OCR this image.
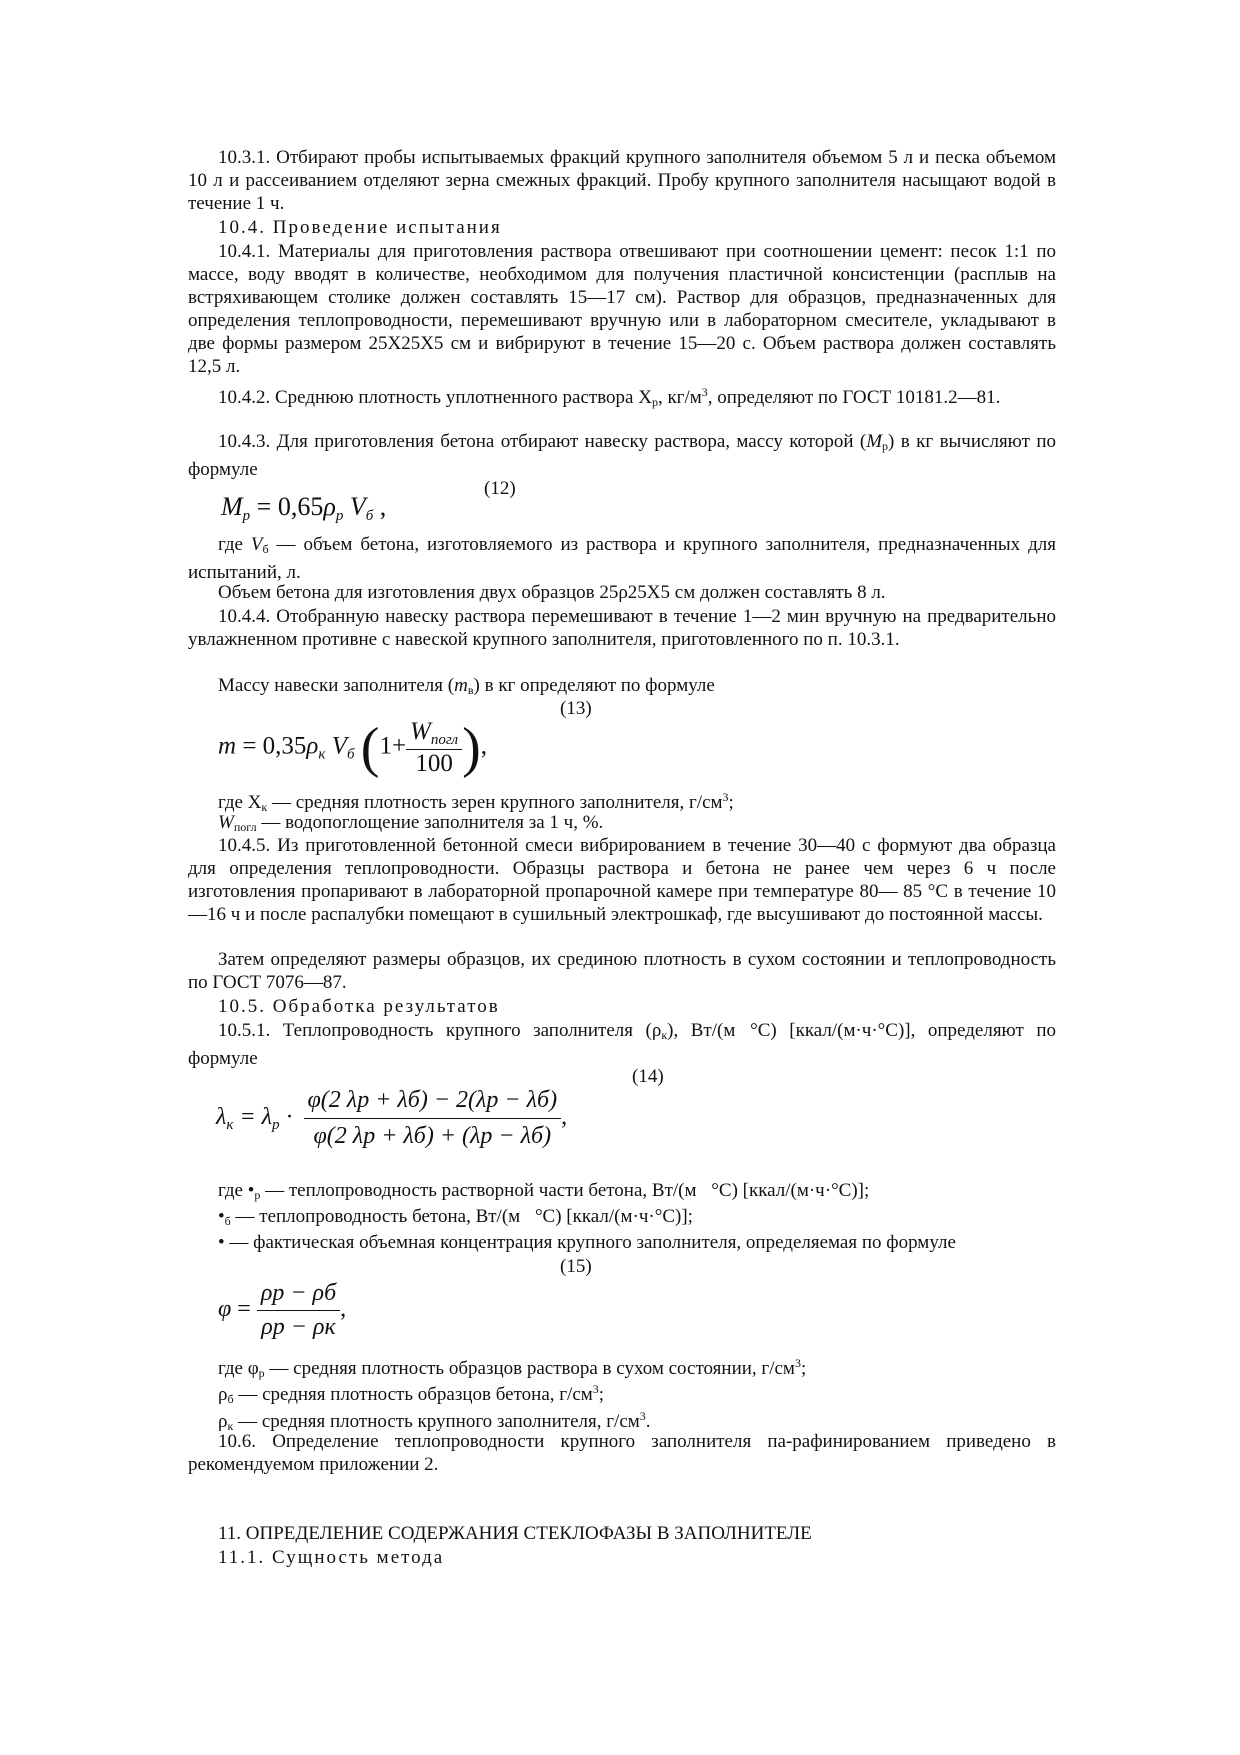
10.3.1. Отбирают пробы испытываемых фракций крупного заполнителя объемом 5 л и песка объемом 10 л и рассеиванием отделяют зерна смежных фракций. Пробу крупного заполнителя насыщают водой в течение 1 ч.
10.4. Проведение испытания
10.4.1. Материалы для приготовления раствора отвешивают при соотношении цемент: песок 1:1 по массе, воду вводят в количестве, необходимом для получения пластичной консистенции (расплыв на встряхивающем столике должен составлять 15—17 см). Раствор для образцов, предназначенных для определения теплопроводности, перемешивают вручную или в лабораторном смесителе, укладывают в две формы размером 25Х25Х5 см и вибрируют в течение 15—20 с. Объем раствора должен составлять 12,5 л.
10.4.2. Среднюю плотность уплотненного раствора $Х_р$, $кг/м^3$, определяют по ГОСТ 10181.2—81.
10.4.3. Для приготовления бетона отбирают навеску раствора, массу которой $(M_р)$ в кг вычисляют по формуле
(12)
$M_р = 0,65\rho_р$ $V_б$ ,
где $V_б$ — объем бетона, изготовляемого из раствора и крупного заполнителя, предназначенных для испытаний, л.
Объем бетона для изготовления двух образцов 25ρ25Х5 см должен составлять 8 л.
10.4.4. Отобранную навеску раствора перемешивают в течение 1—2 мин вручную на предварительно увлажненном противне с навеской крупного заполнителя, приготовленного по п. 10.3.1.
Массу навески заполнителя $(m_в)$ в кг определяют по формуле
(13)
$m = 0,35\rho_к$ $V_б$ ($1+ \frac{W_{погл}}{100}$ ),
где $Х_к$ — средняя плотность зерен крупного заполнителя, $г/см^3$;
$W_{погл}$ — водопоглощение заполнителя за 1 ч, %.
10.4.5. Из приготовленной бетонной смеси вибрированием в течение 30—40 с формуют два образца для определения теплопроводности. Образцы раствора и бетона не ранее чем через 6 ч после изготовления пропаривают в лабораторной пропарочной камере при температуре 80— 85 °С в течение 10—16 ч и после распалубки помещают в сушильный электрошкаф, где высушивают до постоянной массы.
Затем определяют размеры образцов, их срединою плотность в сухом состоянии и теплопроводность по ГОСТ 7076—87.
10.5. Обработка результатов
10.5.1. Теплопроводность крупного заполнителя $(\rho_к)$, Вт/(м °С) [ккал/(м·ч·°С)], определяют по формуле
(14)
$\lambda_к = \lambda_р \cdot \frac{\varphi(2 \lambda р + \lambda б) - 2(\lambda р - \lambda б)}{\varphi(2 \lambda р + \lambda б) + (\lambda р - \lambda б)}$ ,
где $•_р$ — теплопроводность растворной части бетона, Вт/(м °С) [ккал/(м·ч·°С)];
$•_б$ — теплопроводность бетона, Вт/(м °С) [ккал/(м·ч·°С)];
• — фактическая объемная концентрация крупного заполнителя, определяемая по формуле
(15)
$\varphi = \frac{\rho р - \rho б}{\rho р - \rho к}$ ,
где $\varphi_р$ — средняя плотность образцов раствора в сухом состоянии, $г/см^3$;
$\rho_б$ — средняя плотность образцов бетона, $г/см^3$;
$\rho_к$ — средняя плотность крупного заполнителя, $г/см^3$.
10.6. Определение теплопроводности крупного заполнителя па-рафинированием приведено в рекомендуемом приложении 2.
11. ОПРЕДЕЛЕНИЕ СОДЕРЖАНИЯ СТЕКЛОФАЗЫ В ЗАПОЛНИТЕЛЕ
11.1. Сущность метода
